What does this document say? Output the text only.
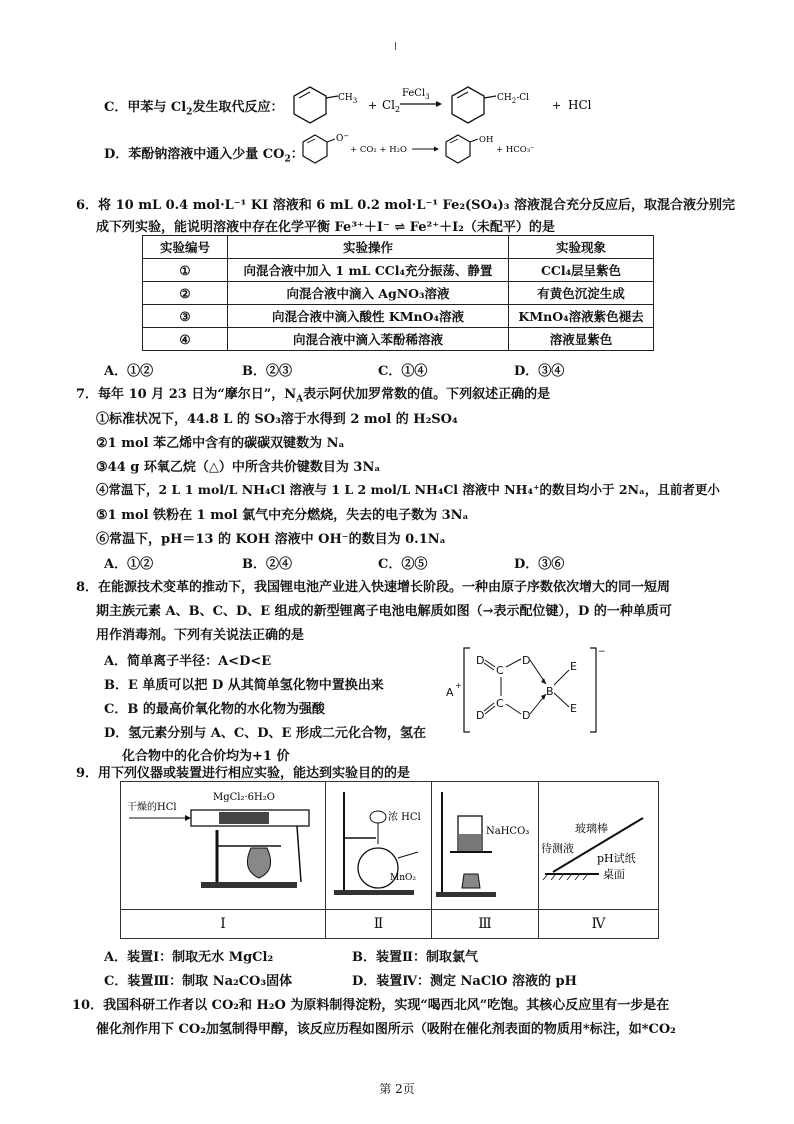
C．甲苯与 $Cl_2$发生取代反应：
$CH_3 + Cl_2$
FeCl$_3$	$CH_2-Cl$
+ HCl
D．苯酚钠溶液中通入少量 $CO_2$：
O−
+ CO₂ + H₂O
OH
+ HCO₃⁻
6．将 10 mL 0.4 mol·L⁻¹ KI 溶液和 6 mL 0.2 mol·L⁻¹ Fe₂(SO₄)₃ 溶液混合充分反应后，取混合液分别完
成下列实验，能说明溶液中存在化学平衡 Fe³⁺＋I⁻ ⇌ Fe²⁺＋I₂（未配平）的是
实验编号	实验操作	实验现象
①	向混合液中加入 1 mL CCl₄充分振荡、静置	CCl₄层呈紫色
②	向混合液中滴入 AgNO₃溶液	有黄色沉淀生成
③	向混合液中滴入酸性 KMnO₄溶液	KMnO₄溶液紫色褪去
④	向混合液中滴入苯酚稀溶液	溶液显紫色
A．①②	B．②③	C．①④	D．③④
7．每年 10 月 23 日为“摩尔日”，$N_A$表示阿伏加罗常数的值。下列叙述正确的是
①标准状况下，44.8 L 的 SO₃溶于水得到 2 mol 的 H₂SO₄
②1 mol 苯乙烯中含有的碳碳双键数为 Nₐ
③44 g 环氧乙烷（△）中所含共价键数目为 3Nₐ
④常温下，2 L 1 mol/L NH₄Cl 溶液与 1 L 2 mol/L NH₄Cl 溶液中 NH₄⁺的数目均小于 2Nₐ，且前者更小
⑤1 mol 铁粉在 1 mol 氯气中充分燃烧，失去的电子数为 3Nₐ
⑥常温下，pH＝13 的 KOH 溶液中 OH⁻的数目为 0.1Nₐ
A．①②	B．②④	C．②⑤	D．③⑥
8．在能源技术变革的推动下，我国锂电池产业进入快速增长阶段。一种由原子序数依次增大的同一短周
期主族元素 A、B、C、D、E 组成的新型锂离子电池电解质如图（→表示配位键），D 的一种单质可
用作消毒剂。下列有关说法正确的是
A．简单离子半径：A<D<E
B．E 单质可以把 D 从其简单氢化物中置换出来
C．B 的最高价氧化物的水化物为强酸
D．氢元素分别与 A、C、D、E 形成二元化合物，氢在
化合物中的化合价均为+1 价
A
+
−
D
C
C
D
D
D
B
E
E
9．用下列仪器或装置进行相应实验，能达到实验目的的是
干燥的HCl
MgCl₂·6H₂O
Ⅰ
浓 HCl
MnO₂
Ⅱ
NaHCO₃
Ⅲ
玻璃棒
待测液
pH试纸
桌面
Ⅳ
A．装置Ⅰ：制取无水 MgCl₂	B．装置Ⅱ：制取氯气
C．装置Ⅲ：制取 Na₂CO₃固体	D．装置Ⅳ：测定 NaClO 溶液的 pH
10．我国科研工作者以 CO₂和 H₂O 为原料制得淀粉，实现“喝西北风”吃饱。其核心反应里有一步是在
催化剂作用下 CO₂加氢制得甲醇，该反应历程如图所示（吸附在催化剂表面的物质用*标注，如*CO₂
第 2页
